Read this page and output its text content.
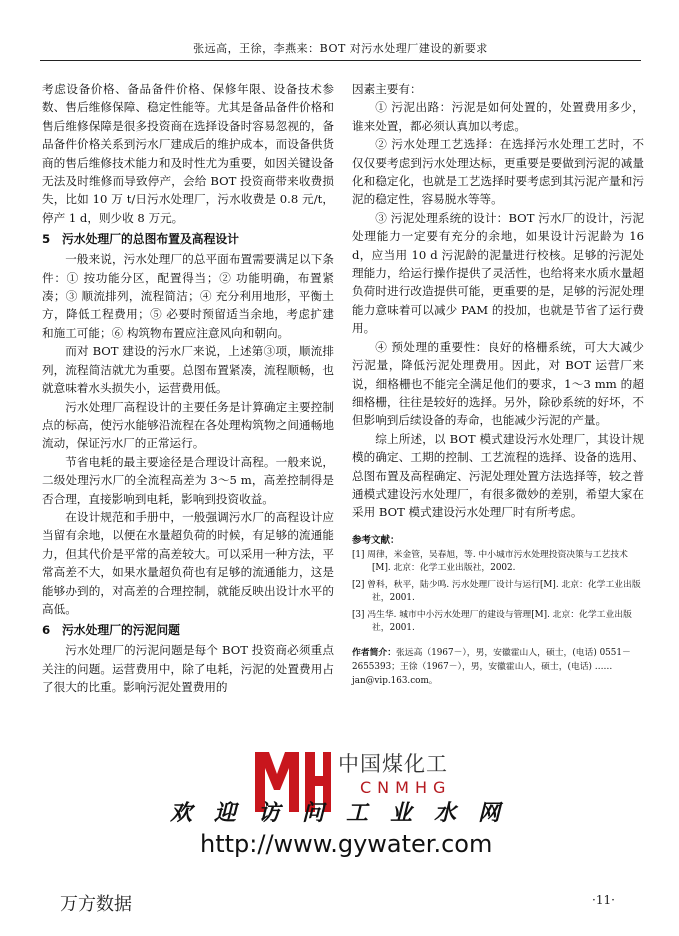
张远高，王徐，李燕来：BOT 对污水处理厂建设的新要求

考虑设备价格、备品备件价格、保修年限、设备技术参数、售后维修保障、稳定性能等。尤其是备品备件价格和售后维修保障是很多投资商在选择设备时容易忽视的，备品备件价格关系到污水厂建成后的维护成本，而设备供货商的售后维修技术能力和及时性尤为重要，如因关键设备无法及时维修而导致停产，会给 BOT 投资商带来收费损失，比如 10 万 t/日污水处理厂，污水收费是 0.8 元/t，停产 1 d，则少收 8 万元。

5　污水处理厂的总图布置及高程设计

一般来说，污水处理厂的总平面布置需要满足以下条件：① 按功能分区，配置得当；② 功能明确，布置紧凑；③ 顺流排列，流程简洁；④ 充分利用地形，平衡土方，降低工程费用；⑤ 必要时预留适当余地，考虑扩建和施工可能；⑥ 构筑物布置应注意风向和朝向。

而对 BOT 建设的污水厂来说，上述第③项，顺流排列，流程简洁就尤为重要。总图布置紧凑，流程顺畅，也就意味着水头损失小，运营费用低。

污水处理厂高程设计的主要任务是计算确定主要控制点的标高，使污水能够沿流程在各处理构筑物之间通畅地流动，保证污水厂的正常运行。

节省电耗的最主要途径是合理设计高程。一般来说，二级处理污水厂的全流程高差为 3～5 m，高差控制得是否合理，直接影响到电耗，影响到投资收益。

在设计规范和手册中，一般强调污水厂的高程设计应当留有余地，以便在水量超负荷的时候，有足够的流通能力，但其代价是平常的高差较大。可以采用一种方法，平常高差不大，如果水量超负荷也有足够的流通能力，这是能够办到的，对高差的合理控制，就能反映出设计水平的高低。

6　污水处理厂的污泥问题

污水处理厂的污泥问题是每个 BOT 投资商必须重点关注的问题。运营费用中，除了电耗，污泥的处置费用占了很大的比重。影响污泥处置费用的

因素主要有：

① 污泥出路：污泥是如何处置的，处置费用多少，谁来处置，都必须认真加以考虑。

② 污水处理工艺选择：在选择污水处理工艺时，不仅仅要考虑到污水处理达标，更重要是要做到污泥的减量化和稳定化，也就是工艺选择时要考虑到其污泥产量和污泥的稳定性，容易脱水等等。

③ 污泥处理系统的设计：BOT 污水厂的设计，污泥处理能力一定要有充分的余地，如果设计污泥龄为 16 d，应当用 10 d 污泥龄的泥量进行校核。足够的污泥处理能力，给运行操作提供了灵活性，也给将来水质水量超负荷时进行改造提供可能，更重要的是，足够的污泥处理能力意味着可以减少 PAM 的投加，也就是节省了运行费用。

④ 预处理的重要性：良好的格栅系统，可大大减少污泥量，降低污泥处理费用。因此，对 BOT 运营厂来说，细格栅也不能完全满足他们的要求，1～3 mm 的超细格栅，往往是较好的选择。另外，除砂系统的好坏，不但影响到后续设备的寿命，也能减少污泥的产量。

综上所述，以 BOT 模式建设污水处理厂，其设计规模的确定、工期的控制、工艺流程的选择、设备的选用、总图布置及高程确定、污泥处理处置方法选择等，较之普通模式建设污水处理厂，有很多微妙的差别，希望大家在采用 BOT 模式建设污水处理厂时有所考虑。

参考文献：
[1] 周律，米金管，吴春旭，等. 中小城市污水处理投资决策与工艺技术[M]. 北京：化学工业出版社，2002.
[2] 曾科，秋平，陆少鸣. 污水处理厂设计与运行[M]. 北京：化学工业出版社，2001.
[3] 冯生华. 城市中小污水处理厂的建设与管理[M]. 北京：化学工业出版社，2001.
作者简介：张远高（1967－），男，安徽霍山人，硕士，(电话) 0551－2655393；王徐（1967－），男，安徽霍山人，硕士，(电话) ……　　　　　　jan@vip.163.com。
中国煤化工
CNMHG
欢迎访问工业水网
http://www.gywater.com
万方数据	·11·
